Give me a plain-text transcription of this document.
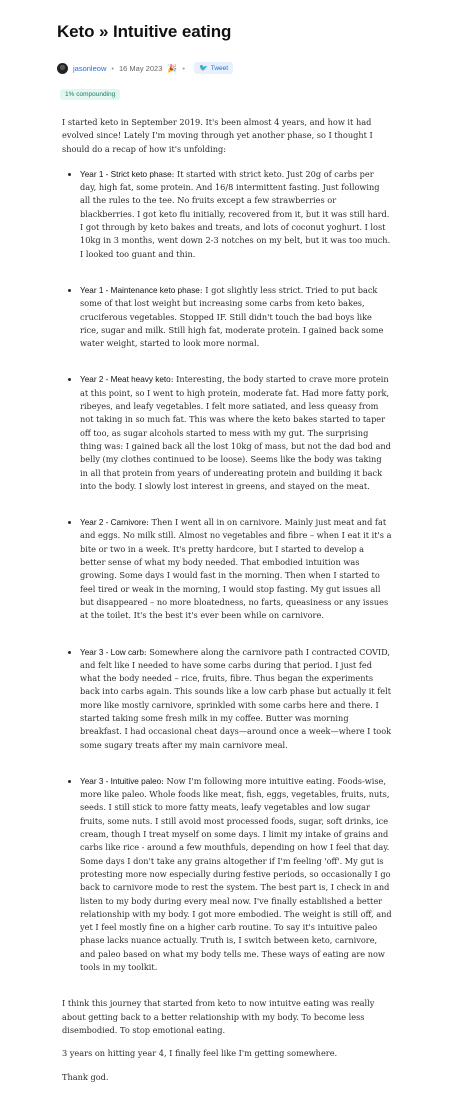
Keto » Intuitive eating
jasonleow • 16 May 2023 🎉 • 🐦 Tweet
1% compounding

I started keto in September 2019. It's been almost 4 years, and how it had evolved since! Lately I'm moving through yet another phase, so I thought I should do a recap of how it's unfolding:

• Year 1 - Strict keto phase: It started with strict keto. Just 20g of carbs per day, high fat, some protein. And 16/8 intermittent fasting. Just following all the rules to the tee. No fruits except a few strawberries or blackberries. I got keto flu initially, recovered from it, but it was still hard. I got through by keto bakes and treats, and lots of coconut yoghurt. I lost 10kg in 3 months, went down 2-3 notches on my belt, but it was too much. I looked too guant and thin.
• Year 1 - Maintenance keto phase: I got slightly less strict. Tried to put back some of that lost weight but increasing some carbs from keto bakes, cruciferous vegetables. Stopped IF. Still didn't touch the bad boys like rice, sugar and milk. Still high fat, moderate protein. I gained back some water weight, started to look more normal.
• Year 2 - Meat heavy keto: Interesting, the body started to crave more protein at this point, so I went to high protein, moderate fat. Had more fatty pork, ribeyes, and leafy vegetables. I felt more satiated, and less queasy from not taking in so much fat. This was where the keto bakes started to taper off too, as sugar alcohols started to mess with my gut. The surprising thing was: I gained back all the lost 10kg of mass, but not the dad bod and belly (my clothes continued to be loose). Seems like the body was taking in all that protein from years of undereating protein and building it back into the body. I slowly lost interest in greens, and stayed on the meat.
• Year 2 - Carnivore: Then I went all in on carnivore. Mainly just meat and fat and eggs. No milk still. Almost no vegetables and fibre – when I eat it it's a bite or two in a week. It's pretty hardcore, but I started to develop a better sense of what my body needed. That embodied intuition was growing. Some days I would fast in the morning. Then when I started to feel tired or weak in the morning, I would stop fasting. My gut issues all but disappeared – no more bloatedness, no farts, queasiness or any issues at the toilet. It's the best it's ever been while on carnivore.
• Year 3 - Low carb: Somewhere along the carnivore path I contracted COVID, and felt like I needed to have some carbs during that period. I just fed what the body needed – rice, fruits, fibre. Thus began the experiments back into carbs again. This sounds like a low carb phase but actually it felt more like mostly carnivore, sprinkled with some carbs here and there. I started taking some fresh milk in my coffee. Butter was morning breakfast. I had occasional cheat days—around once a week—where I took some sugary treats after my main carnivore meal.
• Year 3 - Intuitive paleo: Now I'm following more intuitive eating. Foods-wise, more like paleo. Whole foods like meat, fish, eggs, vegetables, fruits, nuts, seeds. I still stick to more fatty meats, leafy vegetables and low sugar fruits, some nuts. I still avoid most processed foods, sugar, soft drinks, ice cream, though I treat myself on some days. I limit my intake of grains and carbs like rice - around a few mouthfuls, depending on how I feel that day. Some days I don't take any grains altogether if I'm feeling 'off'. My gut is protesting more now especially during festive periods, so occasionally I go back to carnivore mode to rest the system. The best part is, I check in and listen to my body during every meal now. I've finally established a better relationship with my body. I got more embodied. The weight is still off, and yet I feel mostly fine on a higher carb routine. To say it's intuitive paleo phase lacks nuance actually. Truth is, I switch between keto, carnivore, and paleo based on what my body tells me. These ways of eating are now tools in my toolkit.

I think this journey that started from keto to now intuitve eating was really about getting back to a better relationship with my body. To become less disembodied. To stop emotional eating.

3 years on hitting year 4, I finally feel like I'm getting somewhere.

Thank god.
